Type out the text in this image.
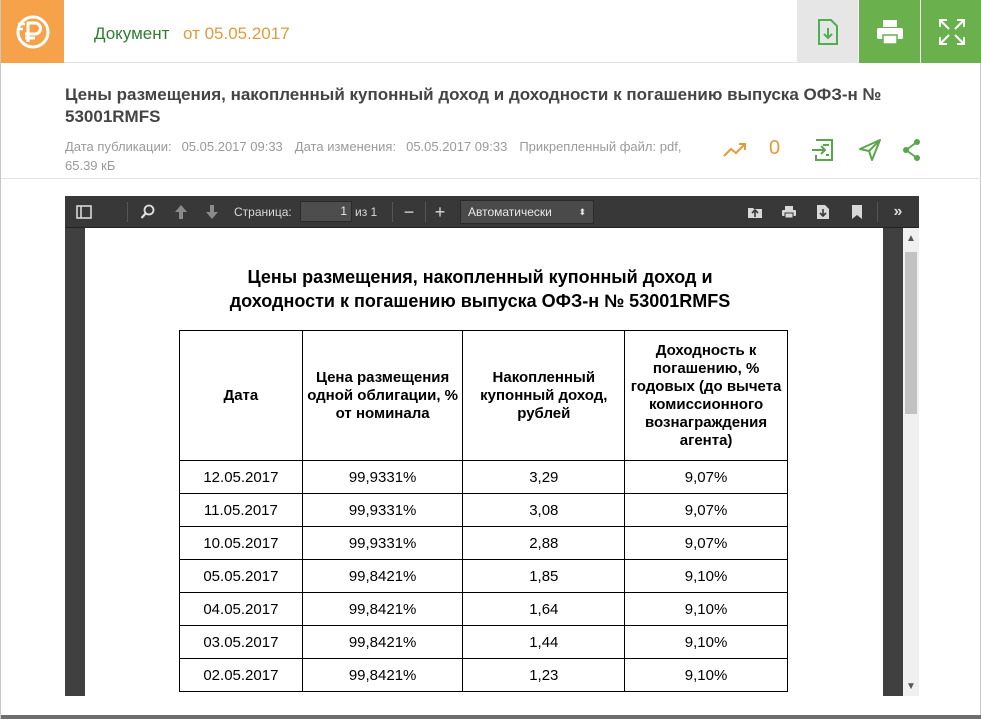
Документ от 05.05.2017
Цены размещения, накопленный купонный доход и доходности к погашению выпуска ОФЗ-н № 53001RMFS
Дата публикации: 05.05.2017 09:33 Дата изменения: 05.05.2017 09:33 Прикрепленный файл: pdf, 65.39 кБ
0
Страница:	1 из 1 − +	Автоматически	⬍	»
Цены размещения, накопленный купонный доход и
доходности к погашению выпуска ОФЗ-н № 53001RMFS
Дата	Цена размещения одной облигации, % от номинала	Накопленный купонный доход, рублей	Доходность к погашению, % годовых (до вычета комиссионного вознаграждения агента)
12.05.2017	99,9331%	3,29	9,07%
11.05.2017	99,9331%	3,08	9,07%
10.05.2017	99,9331%	2,88	9,07%
05.05.2017	99,8421%	1,85	9,10%
04.05.2017	99,8421%	1,64	9,10%
03.05.2017	99,8421%	1,44	9,10%
02.05.2017	99,8421%	1,23	9,10%
▲
▼
